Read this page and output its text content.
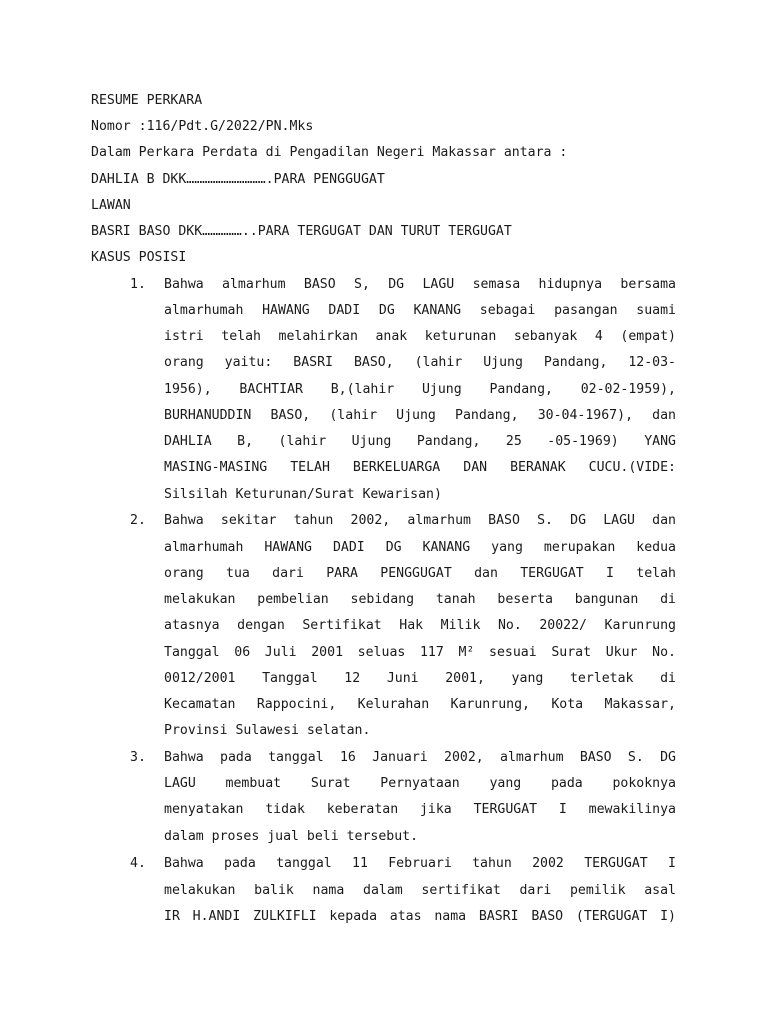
RESUME PERKARA
Nomor :116/Pdt.G/2022/PN.Mks
Dalam Perkara Perdata di Pengadilan Negeri Makassar antara :
DAHLIA B DKK………………………….PARA PENGGUGAT
LAWAN
BASRI BASO DKK……………..PARA TERGUGAT DAN TURUT TERGUGAT
KASUS POSISI
1.	Bahwa almarhum BASO S, DG LAGU semasa hidupnya bersama
almarhumah HAWANG DADI DG KANANG sebagai pasangan suami
istri telah melahirkan anak keturunan sebanyak 4 (empat)
orang yaitu: BASRI BASO, (lahir Ujung Pandang, 12-03-
1956), BACHTIAR B,(lahir Ujung Pandang, 02-02-1959),
BURHANUDDIN BASO, (lahir Ujung Pandang, 30-04-1967), dan
DAHLIA B, (lahir Ujung Pandang, 25 -05-1969) YANG
MASING-MASING TELAH BERKELUARGA DAN BERANAK CUCU.(VIDE:
Silsilah Keturunan/Surat Kewarisan)
2.	Bahwa sekitar tahun 2002, almarhum BASO S. DG LAGU dan
almarhumah HAWANG DADI DG KANANG yang merupakan kedua
orang tua dari PARA PENGGUGAT dan TERGUGAT I telah
melakukan pembelian sebidang tanah beserta bangunan di
atasnya dengan Sertifikat Hak Milik No. 20022/ Karunrung
Tanggal 06 Juli 2001 seluas 117 M² sesuai Surat Ukur No.
0012/2001 Tanggal 12 Juni 2001, yang terletak di
Kecamatan Rappocini, Kelurahan Karunrung, Kota Makassar,
Provinsi Sulawesi selatan.
3.	Bahwa pada tanggal 16 Januari 2002, almarhum BASO S. DG
LAGU membuat Surat Pernyataan yang pada pokoknya
menyatakan tidak keberatan jika TERGUGAT I mewakilinya
dalam proses jual beli tersebut.
4.	Bahwa pada tanggal 11 Februari tahun 2002 TERGUGAT I
melakukan balik nama dalam sertifikat dari pemilik asal
IR H.ANDI ZULKIFLI kepada atas nama BASRI BASO (TERGUGAT I)
